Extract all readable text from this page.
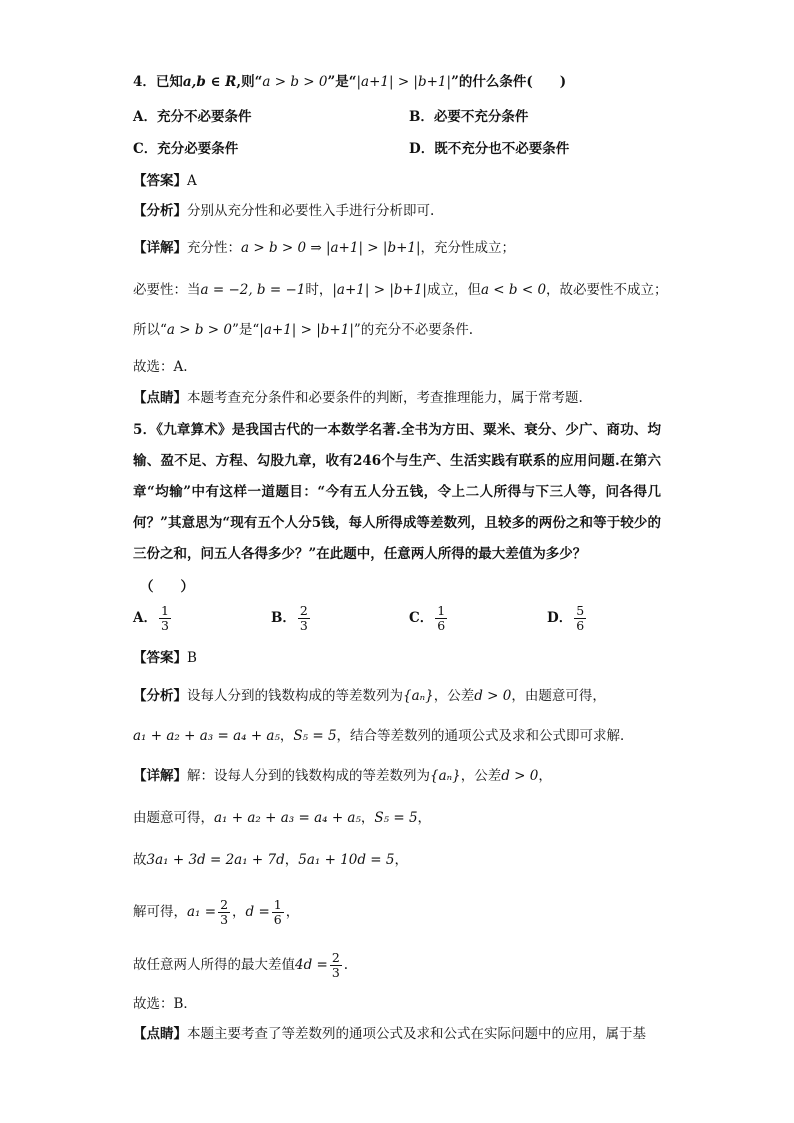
4．已知a,b ∈ R,则“a > b > 0”是“|a+1| > |b+1|”的什么条件(　　)
A．充分不必要条件	B．必要不充分条件
C．充分必要条件	D．既不充分也不必要条件
【答案】A
【分析】分别从充分性和必要性入手进行分析即可.
【详解】充分性：a > b > 0 ⇒ |a+1| > |b+1|，充分性成立；
必要性：当a = −2, b = −1时，|a+1| > |b+1|成立，但a < b < 0，故必要性不成立；
所以“a > b > 0”是“|a+1| > |b+1|”的充分不必要条件.
故选：A.
【点睛】本题考查充分条件和必要条件的判断，考查推理能力，属于常考题.
5．《九章算术》是我国古代的一本数学名著.全书为方田、粟米、衰分、少广、商功、均输、盈不足、方程、勾股九章，收有246个与生产、生活实践有联系的应用问题.在第六章“均输”中有这样一道题目：“今有五人分五钱，令上二人所得与下三人等，问各得几何？”其意思为“现有五个人分5钱，每人所得成等差数列，且较多的两份之和等于较少的三份之和，问五人各得多少？”在此题中，任意两人所得的最大差值为多少？
（　　）
A． $\frac{1}{3}$	B． $\frac{2}{3}$	C． $\frac{1}{6}$	D． $\frac{5}{6}$
【答案】B
【分析】设每人分到的钱数构成的等差数列为{aₙ}，公差d > 0，由题意可得，
a₁ + a₂ + a₃ = a₄ + a₅，S₅ = 5，结合等差数列的通项公式及求和公式即可求解．
【详解】解：设每人分到的钱数构成的等差数列为{aₙ}，公差d > 0，
由题意可得，a₁ + a₂ + a₃ = a₄ + a₅，S₅ = 5，
故3a₁ + 3d = 2a₁ + 7d，5a₁ + 10d = 5，
解可得，$a_1 = \frac{2}{3}$ ，$d = \frac{1}{6}$ ，
故任意两人所得的最大差值$4d = \frac{2}{3}$ .
故选：B．
【点睛】本题主要考查了等差数列的通项公式及求和公式在实际问题中的应用，属于基
